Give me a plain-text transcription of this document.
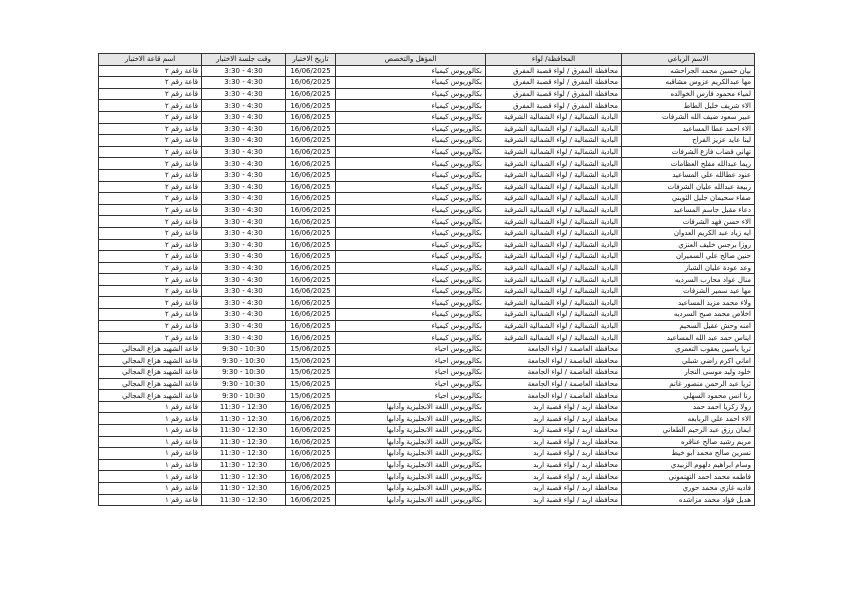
الاسم الرباعي	المحافظة/ لواء	المؤهل والتخصص	تاريخ الاختبار	وقت جلسة الاختبار	اسم قاعة الاختبار
بيان حسين محمد الجراحشه	محافظة المفرق / لواء قصبة المفرق	بكالوريوس كيمياء	16/06/2025	3:30 - 4:30	قاعة رقم ٢
مها عبدالكريم عزوس مشاقبه	محافظة المفرق / لواء قصبة المفرق	بكالوريوس كيمياء	16/06/2025	3:30 - 4:30	قاعة رقم ٢
لمياء محمود فارس الخوالده	محافظة المفرق / لواء قصبة المفرق	بكالوريوس كيمياء	16/06/2025	3:30 - 4:30	قاعة رقم ٢
الاء شريف خليل الطاط	محافظة المفرق / لواء قصبة المفرق	بكالوريوس كيمياء	16/06/2025	3:30 - 4:30	قاعة رقم ٢
عبير سعود ضيف الله الشرفات	البادية الشمالية / لواء الشمالية الشرقية	بكالوريوس كيمياء	16/06/2025	3:30 - 4:30	قاعة رقم ٢
الاء احمد عطا المساعيد	البادية الشمالية / لواء الشمالية الشرقية	بكالوريوس كيمياء	16/06/2025	3:30 - 4:30	قاعة رقم ٢
لينا عايد عزيز الفراج	البادية الشمالية / لواء الشمالية الشرقية	بكالوريوس كيمياء	16/06/2025	3:30 - 4:30	قاعة رقم ٢
تهاني قضاب فازع الشرفات	البادية الشمالية / لواء الشمالية الشرقية	بكالوريوس كيمياء	16/06/2025	3:30 - 4:30	قاعة رقم ٢
ريما عبدالله مفلح العظامات	البادية الشمالية / لواء الشمالية الشرقية	بكالوريوس كيمياء	16/06/2025	3:30 - 4:30	قاعة رقم ٢
عنود عطالله علي المساعيد	البادية الشمالية / لواء الشمالية الشرقية	بكالوريوس كيمياء	16/06/2025	3:30 - 4:30	قاعة رقم ٢
ربيعة عبدالله عليان الشرفات	البادية الشمالية / لواء الشمالية الشرقية	بكالوريوس كيمياء	16/06/2025	3:30 - 4:30	قاعة رقم ٢
صفاء سحيمان جليل الثويني	البادية الشمالية / لواء الشمالية الشرقية	بكالوريوس كيمياء	16/06/2025	3:30 - 4:30	قاعة رقم ٢
دعاء مقبل جاسم المساعيد	البادية الشمالية / لواء الشمالية الشرقية	بكالوريوس كيمياء	16/06/2025	3:30 - 4:30	قاعة رقم ٢
الاء حسن فهد الشرفات	البادية الشمالية / لواء الشمالية الشرقية	بكالوريوس كيمياء	16/06/2025	3:30 - 4:30	قاعة رقم ٢
ايه زياد عبد الكريم العدوان	البادية الشمالية / لواء الشمالية الشرقية	بكالوريوس كيمياء	16/06/2025	3:30 - 4:30	قاعة رقم ٢
روزا برجس خليف العنزي	البادية الشمالية / لواء الشمالية الشرقية	بكالوريوس كيمياء	16/06/2025	3:30 - 4:30	قاعة رقم ٢
حنين صالح علي السميران	البادية الشمالية / لواء الشمالية الشرقية	بكالوريوس كيمياء	16/06/2025	3:30 - 4:30	قاعة رقم ٢
وعد عودة عليان الشباز	البادية الشمالية / لواء الشمالية الشرقية	بكالوريوس كيمياء	16/06/2025	3:30 - 4:30	قاعة رقم ٢
منال عواد محارب السرديه	البادية الشمالية / لواء الشمالية الشرقية	بكالوريوس كيمياء	16/06/2025	3:30 - 4:30	قاعة رقم ٢
مها عيد سمير الشرفات	البادية الشمالية / لواء الشمالية الشرقية	بكالوريوس كيمياء	16/06/2025	3:30 - 4:30	قاعة رقم ٢
ولاء محمد مزيد المساعيد	البادية الشمالية / لواء الشمالية الشرقية	بكالوريوس كيمياء	16/06/2025	3:30 - 4:30	قاعة رقم ٢
اخلاص محمد صبح السرديه	البادية الشمالية / لواء الشمالية الشرقية	بكالوريوس كيمياء	16/06/2025	3:30 - 4:30	قاعة رقم ٢
امنه وحش عقيل السحيم	البادية الشمالية / لواء الشمالية الشرقية	بكالوريوس كيمياء	16/06/2025	3:30 - 4:30	قاعة رقم ٢
ايناس حمد عبد الله المساعيد	البادية الشمالية / لواء الشمالية الشرقية	بكالوريوس كيمياء	16/06/2025	3:30 - 4:30	قاعة رقم ٢
ثريا ياسين يعقوب التعمري	محافظة العاصمة / لواء الجامعة	بكالوريوس احياء	15/06/2025	9:30 - 10:30	قاعة الشهيد هزاع المجالي
اماني اكرم راضي شبلي	محافظة العاصمة / لواء الجامعة	بكالوريوس احياء	15/06/2025	9:30 - 10:30	قاعة الشهيد هزاع المجالي
خلود وليد موسى النجار	محافظة العاصمة / لواء الجامعة	بكالوريوس احياء	15/06/2025	9:30 - 10:30	قاعة الشهيد هزاع المجالي
ثريا عبد الرحمن منصور غانم	محافظة العاصمة / لواء الجامعة	بكالوريوس احياء	15/06/2025	9:30 - 10:30	قاعة الشهيد هزاع المجالي
رنا انس محمود السهلي	محافظة العاصمة / لواء الجامعة	بكالوريوس احياء	15/06/2025	9:30 - 10:30	قاعة الشهيد هزاع المجالي
رولا زكريا احمد حمد	محافظة اربد / لواء قصبة اربد	بكالوريوس اللغة الانجليزية وآدابها	16/06/2025	11:30 - 12:30	قاعة رقم ١
الاء احمد علي الربابعه	محافظة اربد / لواء قصبة اربد	بكالوريوس اللغة الانجليزية وآدابها	16/06/2025	11:30 - 12:30	قاعة رقم ١
ايمان رزق عبد الرحيم الطعاني	محافظة اربد / لواء قصبة اربد	بكالوريوس اللغة الانجليزية وآدابها	16/06/2025	11:30 - 12:30	قاعة رقم ١
مريم رشيد صالح عناقره	محافظة اربد / لواء قصبة اربد	بكالوريوس اللغة الانجليزية وآدابها	16/06/2025	11:30 - 12:30	قاعة رقم ١
نسرين صالح محمد ابو خيط	محافظة اربد / لواء قصبة اربد	بكالوريوس اللغة الانجليزية وآدابها	16/06/2025	11:30 - 12:30	قاعة رقم ١
وسام ابراهيم دلهوم الزبيدي	محافظة اربد / لواء قصبة اربد	بكالوريوس اللغة الانجليزية وآدابها	16/06/2025	11:30 - 12:30	قاعة رقم ١
فاطمه محمد احمد التهتموني	محافظة اربد / لواء قصبة اربد	بكالوريوس اللغة الانجليزية وآدابها	16/06/2025	11:30 - 12:30	قاعة رقم ١
فاديه غازي محمد حوري	محافظة اربد / لواء قصبة اربد	بكالوريوس اللغة الانجليزية وآدابها	16/06/2025	11:30 - 12:30	قاعة رقم ١
هديل فؤاد محمد مزاشده	محافظة اربد / لواء قصبة اربد	بكالوريوس اللغة الانجليزية وآدابها	16/06/2025	11:30 - 12:30	قاعة رقم ١
